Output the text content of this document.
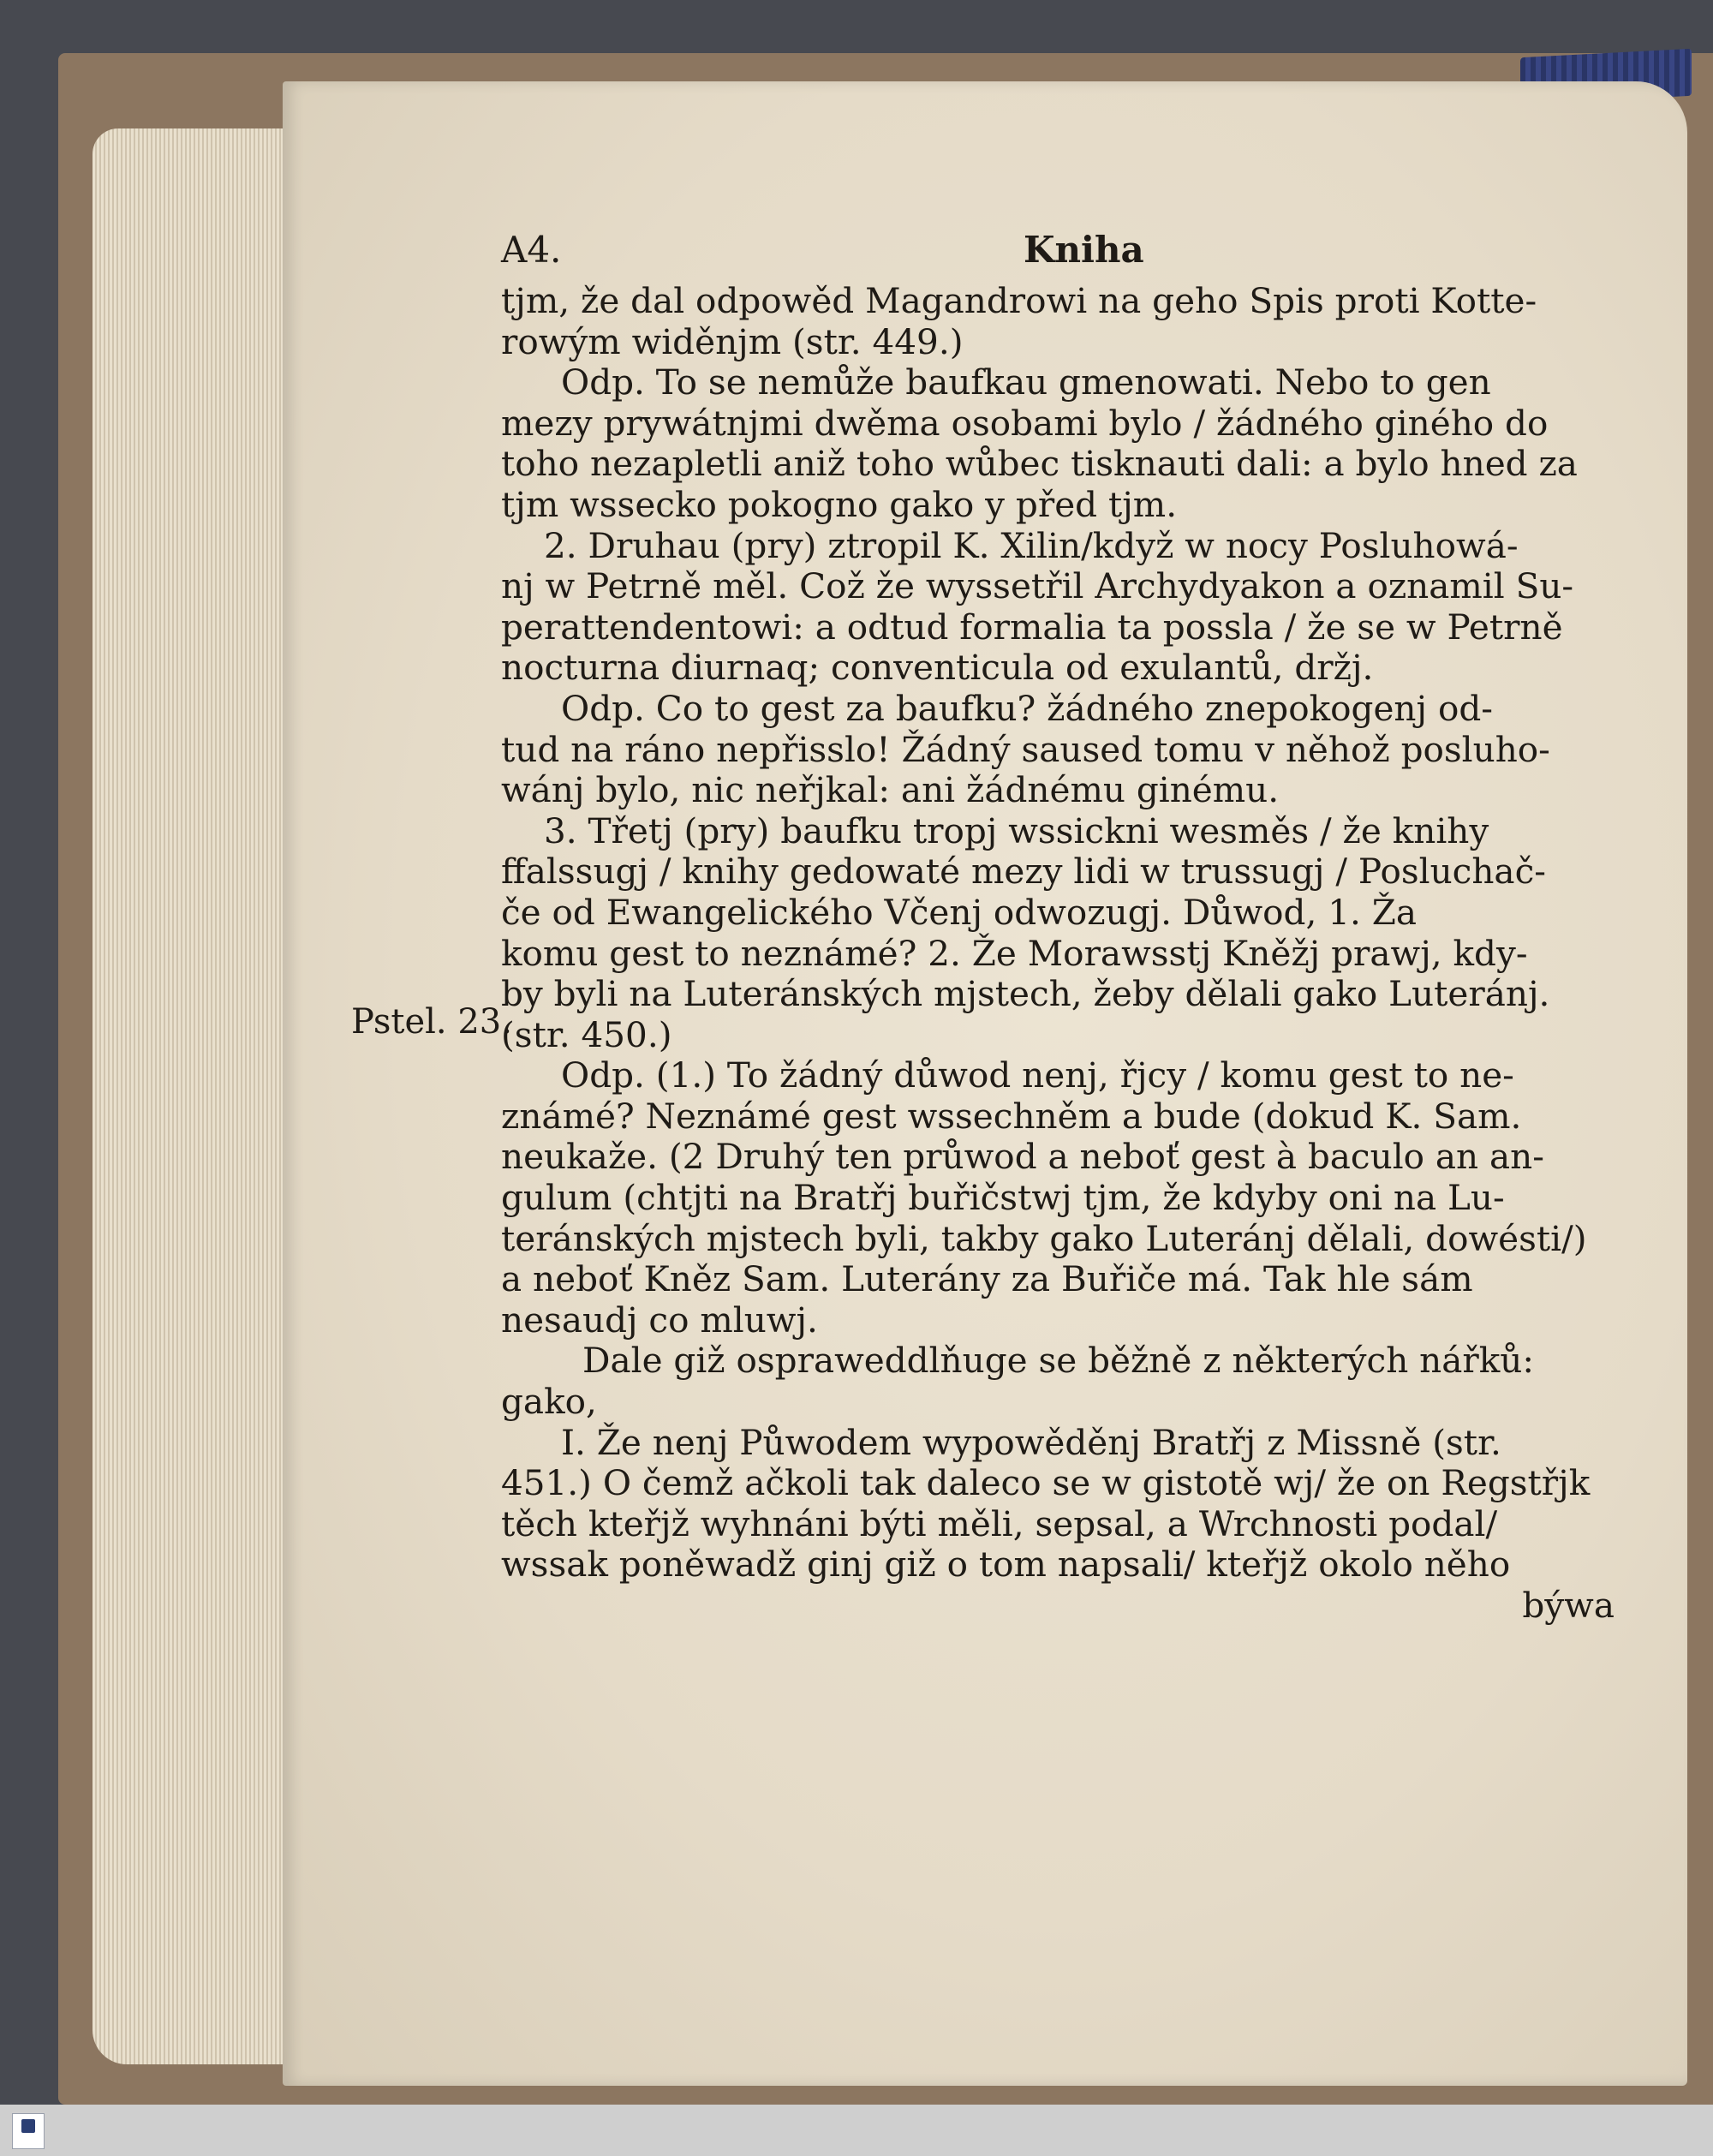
Pstel. 23.
A4.	Kniha
tjm, že dal odpowěd Magandrowi na geho Spis proti Kotte-
rowým widěnjm (str. 449.)
Odp. To se nemůže baufkau gmenowati. Nebo to gen
mezy prywátnjmi dwěma osobami bylo / žádného giného do
toho nezapletli aniž toho wůbec tisknauti dali: a bylo hned za
tjm wsseckо pokogno gako y před tjm.
2. Druhau (pry) ztropil K. Xilin/když w nocy Posluhowá-
nj w Petrně měl. Což že wyssetřil Archydyakon a oznamil Su-
perattendentowi: a odtud formalia ta possla / že se w Petrně
nocturna diurnaq; conventicula od exulantů, držj.
Odp. Co to gest za baufku? žádného znepokogenj od-
tud na ráno nepřisslo! Žádný saused tomu v něhož posluho-
wánj bylo, nic neřjkal: ani žádnému ginému.
3. Třetj (pry) baufku tropj wssickni wesměs / že knihy
ffalssugj / knihy gedowaté mezy lidi w trussugj / Posluchač-
če od Ewangelického Včenj odwozugj. Důwod, 1. Ža
komu gest to neznámé? 2. Že Morawsstj Kněžj prawj, kdy-
by byli na Luteránských mjstech, žeby dělali gako Luteránj.
(str. 450.)
Odp. (1.) To žádný důwod nenj, řjcy / komu gest to ne-
známé? Neznámé gest wssechněm a bude (dokud K. Sam.
neukaže. (2 Druhý ten průwod a neboť gest à baculo an an-
gulum (chtjti na Bratřj buřičstwj tjm, že kdyby oni na Lu-
teránských mjstech byli, takby gako Luteránj dělali, dowésti/)
a neboť Kněz Sam. Luterány za Buřiče má. Tak hle sám
nesaudj co mluwj.
Dale giž ospraweddlňuge se běžně z některých nářků:
gako,
I. Že nenj Půwodem wypowěděnj Bratřj z Missně (str.
451.) O čemž ačkoli tak daleco se w gistotě wj/ že on Regstřjk
těch kteřjž wyhnáni býti měli, sepsal, a Wrchnosti podal/
wssak poněwadž ginj giž o tom napsali/ kteřjž okolo něho
býwa
